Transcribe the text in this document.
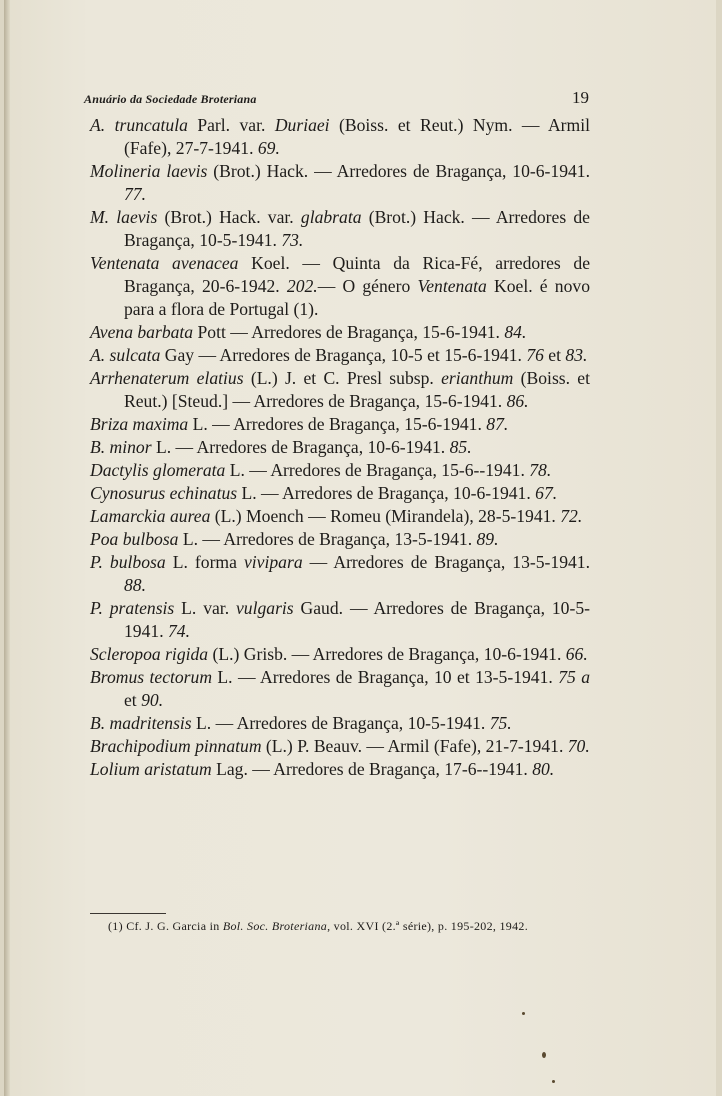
Anuário da Sociedade Broteriana	19
A. truncatula Parl. var. Duriaei (Boiss. et Reut.) Nym. — Armil (Fafe), 27-7-1941. 69.
Molineria laevis (Brot.) Hack. — Arredores de Bragança, 10-6-1941. 77.
M. laevis (Brot.) Hack. var. glabrata (Brot.) Hack. — Arredores de Bragança, 10-5-1941. 73.
Ventenata avenacea Koel. — Quinta da Rica-Fé, arredores de Bragança, 20-6-1942. 202.— O género Ventenata Koel. é novo para a flora de Portugal (1).
Avena barbata Pott — Arredores de Bragança, 15-6-1941. 84.
A. sulcata Gay — Arredores de Bragança, 10-5 et 15-6-1941. 76 et 83.
Arrhenaterum elatius (L.) J. et C. Presl subsp. erianthum (Boiss. et Reut.) [Steud.] — Arredores de Bragança, 15-6-1941. 86.
Briza maxima L. — Arredores de Bragança, 15-6-1941. 87.
B. minor L. — Arredores de Bragança, 10-6-1941. 85.
Dactylis glomerata L. — Arredores de Bragança, 15-6--1941. 78.
Cynosurus echinatus L. — Arredores de Bragança, 10-6-1941. 67.
Lamarckia aurea (L.) Moench — Romeu (Mirandela), 28-5-1941. 72.
Poa bulbosa L. — Arredores de Bragança, 13-5-1941. 89.
P. bulbosa L. forma vivipara — Arredores de Bragança, 13-5-1941. 88.
P. pratensis L. var. vulgaris Gaud. — Arredores de Bragança, 10-5-1941. 74.
Scleropoa rigida (L.) Grisb. — Arredores de Bragança, 10-6-1941. 66.
Bromus tectorum L. — Arredores de Bragança, 10 et 13-5-1941. 75 a et 90.
B. madritensis L. — Arredores de Bragança, 10-5-1941. 75.
Brachipodium pinnatum (L.) P. Beauv. — Armil (Fafe), 21-7-1941. 70.
Lolium aristatum Lag. — Arredores de Bragança, 17-6--1941. 80.
(1) Cf. J. G. Garcia in Bol. Soc. Broteriana, vol. XVI (2.ª série), p. 195-202, 1942.
